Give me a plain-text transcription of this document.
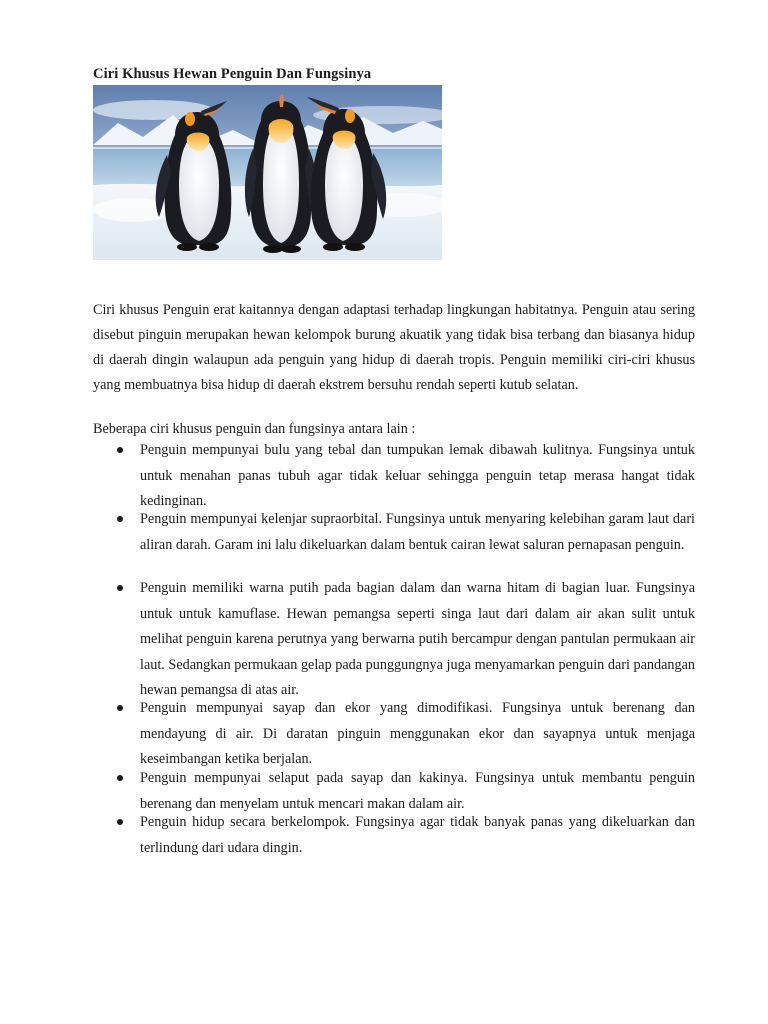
Ciri Khusus Hewan Penguin Dan Fungsinya

Ciri khusus Penguin erat kaitannya dengan adaptasi terhadap lingkungan habitatnya. Penguin atau sering disebut pinguin merupakan hewan kelompok burung akuatik yang tidak bisa terbang dan biasanya hidup di daerah dingin walaupun ada penguin yang hidup di daerah tropis. Penguin memiliki ciri-ciri khusus yang membuatnya bisa hidup di daerah ekstrem bersuhu rendah seperti kutub selatan.

Beberapa ciri khusus penguin dan fungsinya antara lain :

Penguin mempunyai bulu yang tebal dan tumpukan lemak dibawah kulitnya. Fungsinya untuk untuk menahan panas tubuh agar tidak keluar sehingga penguin tetap merasa hangat tidak kedinginan.
Penguin mempunyai kelenjar supraorbital. Fungsinya untuk menyaring kelebihan garam laut dari aliran darah. Garam ini lalu dikeluarkan dalam bentuk cairan lewat saluran pernapasan penguin.
Penguin memiliki warna putih pada bagian dalam dan warna hitam di bagian luar. Fungsinya untuk untuk kamuflase. Hewan pemangsa seperti singa laut dari dalam air akan sulit untuk melihat penguin karena perutnya yang berwarna putih bercampur dengan pantulan permukaan air laut. Sedangkan permukaan gelap pada punggungnya juga menyamarkan penguin dari pandangan hewan pemangsa di atas air.
Penguin mempunyai sayap dan ekor yang dimodifikasi. Fungsinya untuk berenang dan mendayung di air. Di daratan pinguin menggunakan ekor dan sayapnya untuk menjaga keseimbangan ketika berjalan.
Penguin mempunyai selaput pada sayap dan kakinya. Fungsinya untuk membantu penguin berenang dan menyelam untuk mencari makan dalam air.
Penguin hidup secara berkelompok. Fungsinya agar tidak banyak panas yang dikeluarkan dan terlindung dari udara dingin.
